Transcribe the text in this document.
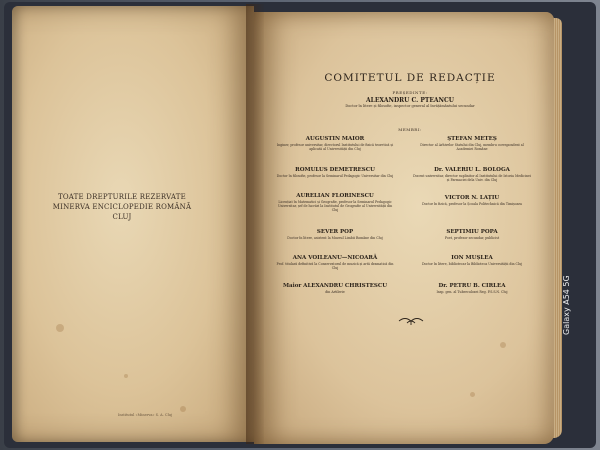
TOATE DREPTURILE REZERVATE
MINERVA ENCICLOPEDIE ROMÂNĂ
CLUJ
Institutul «Minerva» S. A. Cluj
COMITETUL DE REDACȚIE
PREȘEDINTE:
ALEXANDRU C. PTEANCU
Doctor în litere și filosofie, inspector general al învățământului secundar
MEMBRI:
AUGUSTIN MAIOR
Inginer, profesor universitar, directorul Institutului de fizică teoretică și aplicată al Universității din Cluj
ROMULUS DEMETRESCU
Doctor în filosofie, profesor la Seminarul Pedagogic Universitar din Cluj
AURELIAN FLORINESCU
Licențiat în Matematici și Geografie, profesor la Seminarul Pedagogic Universitar, șef de lucrări la Institutul de Geografie al Universității din Cluj
SEVER POP
Doctor în litere, asistent la Muzeul Limbii Române din Cluj
ANA VOILEANU—NICOARĂ
Prof. titulară definitivă la Conservatorul de muzică și artă dramatică din Cluj
Maior ALEXANDRU CHRISTESCU
din Artilerie
ȘTEFAN METEȘ
Director al Arhivelor Statului din Cluj, membru corespondent al Academiei Române
Dr. VALERIU L. BOLOGA
Docent universitar, director suplinitor al Institutului de Istoria Medicinei și Farmaciei dela Univ. din Cluj
VICTOR N. LAȚIU
Doctor în fizică, profesor la Școala Politechnică din Timișoara
SEPTIMIU POPA
Poet, profesor secundar, publicist
ION MUȘLEA
Doctor în litere, bibliotecar la Biblioteca Universității din Cluj
Dr. PETRU B. CIRLEA
Insp. gen. al Tuberculozei Reg. P.S.S.N. Cluj	Galaxy A54 5G
